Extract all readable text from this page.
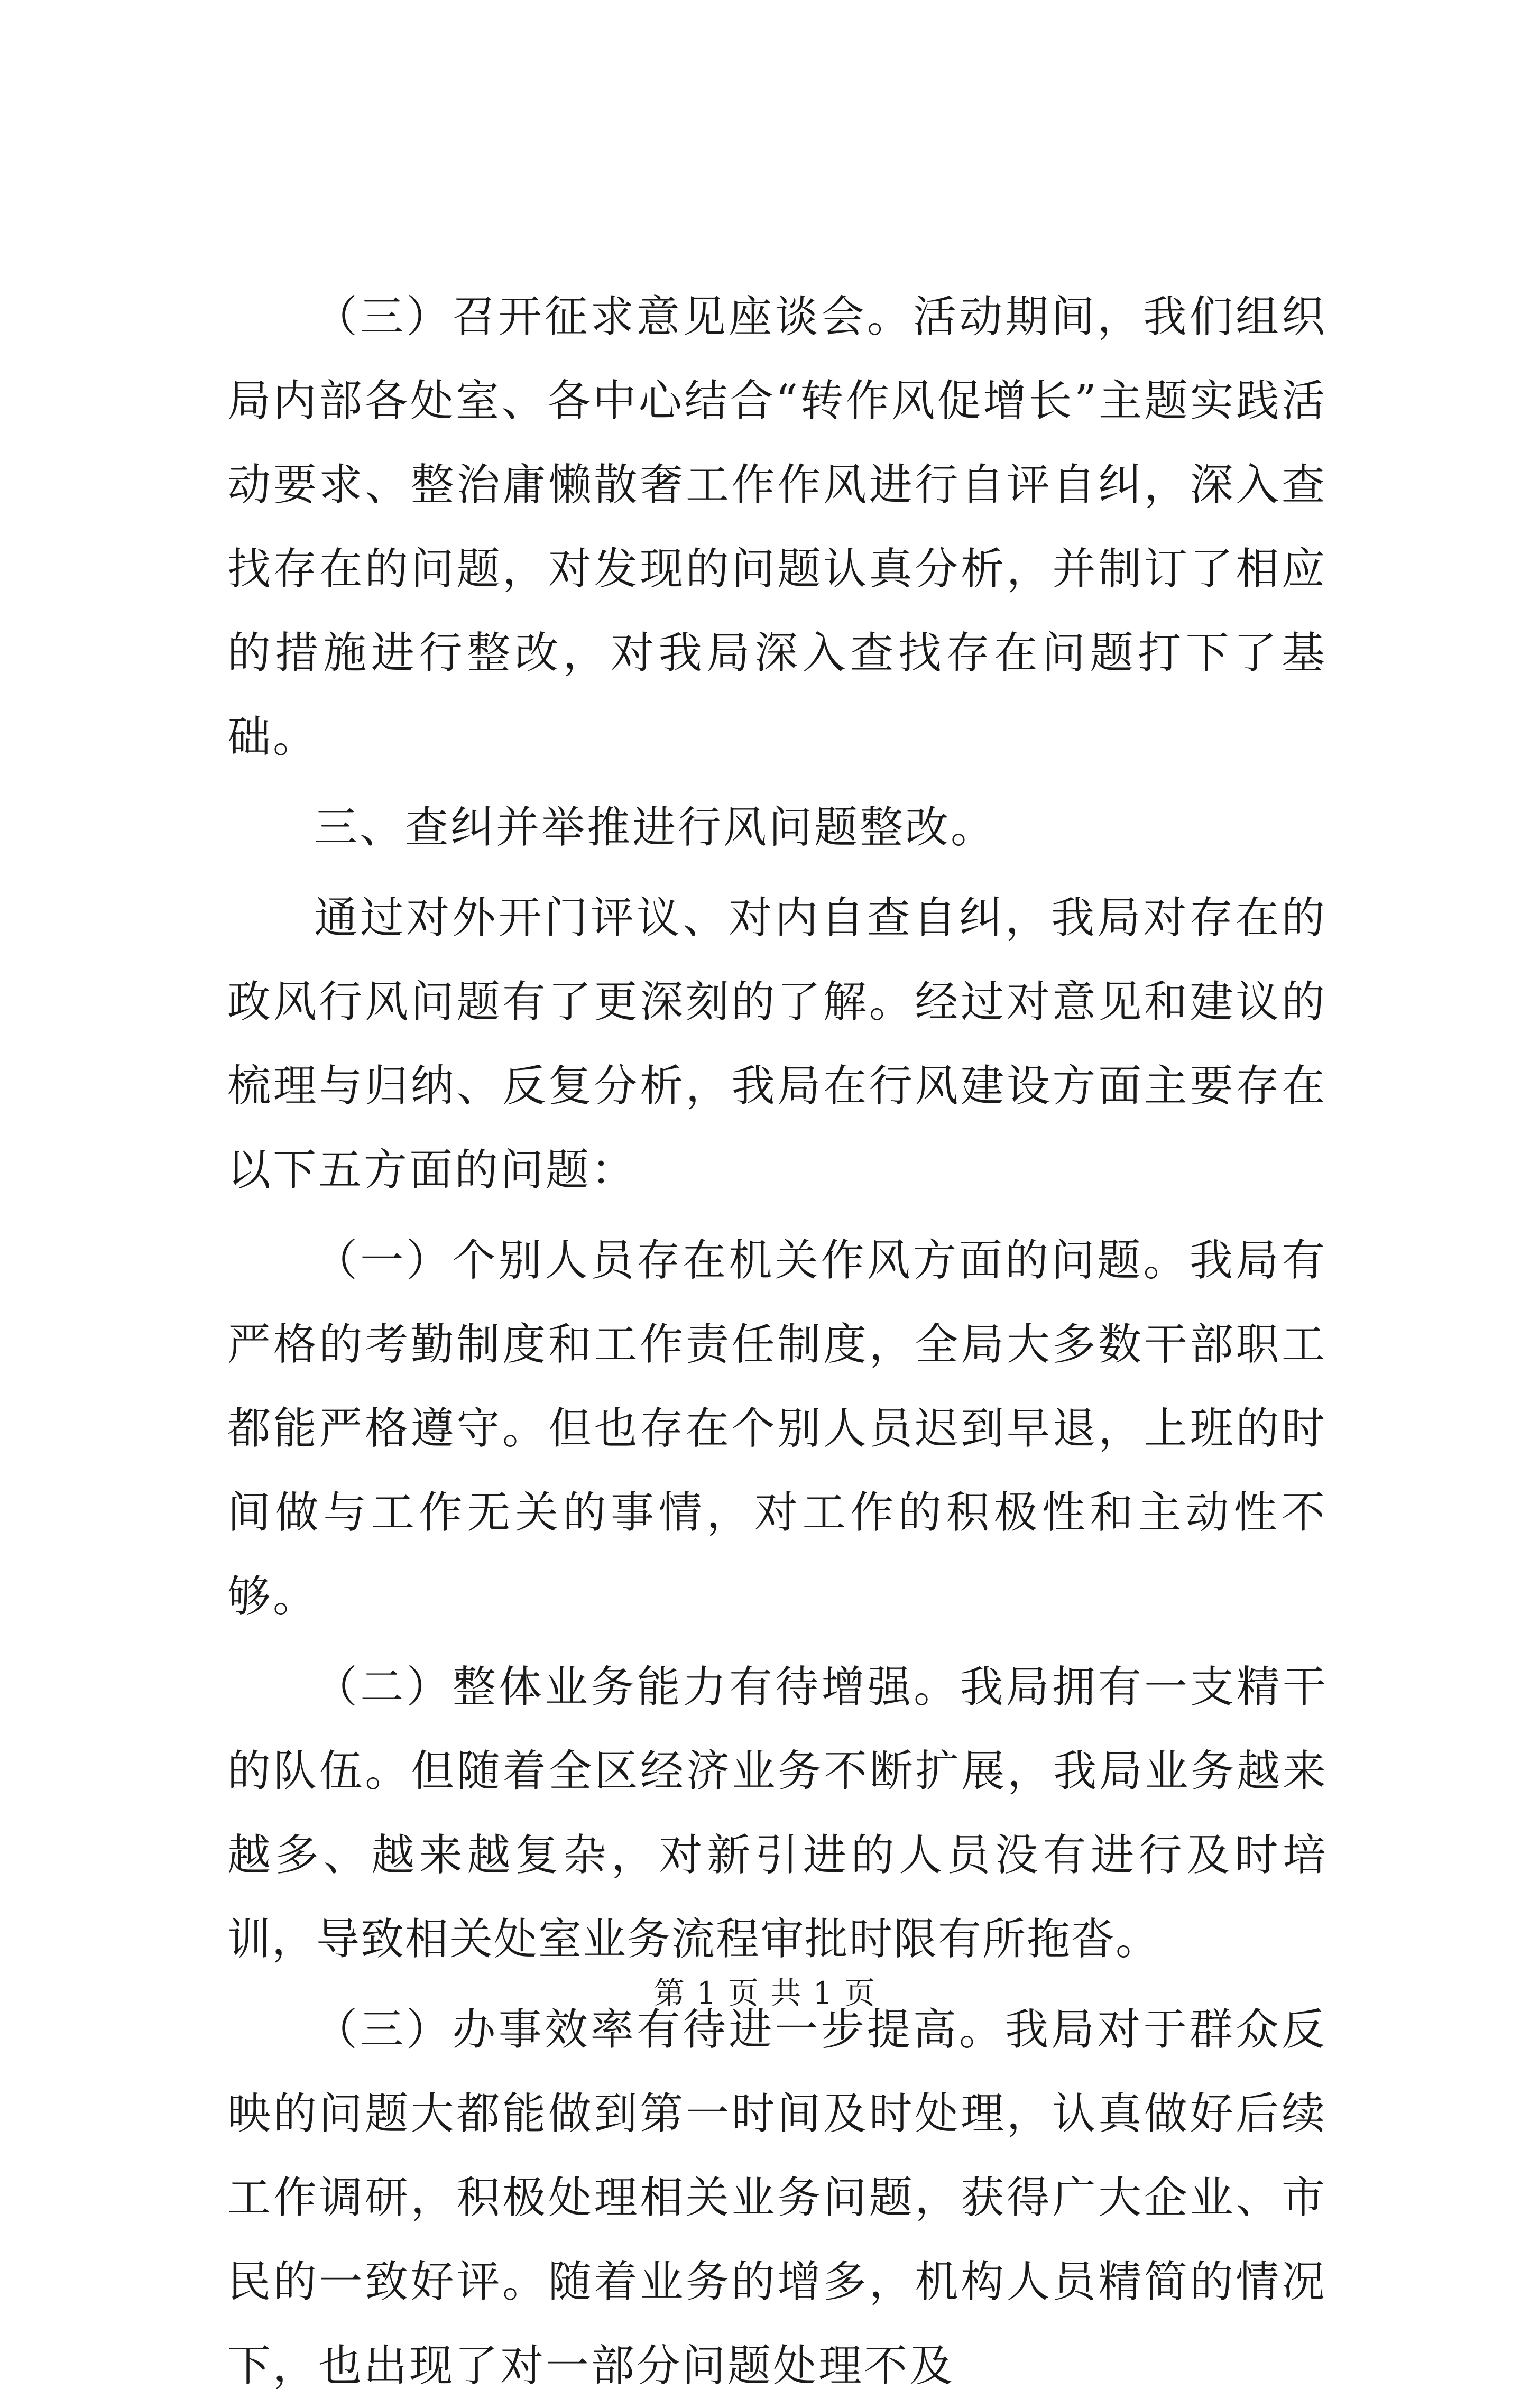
（三）召开征求意见座谈会。活动期间，我们组织局内部各处室、各中心结合“转作风促增长”主题实践活动要求、整治庸懒散奢工作作风进行自评自纠，深入查找存在的问题，对发现的问题认真分析，并制订了相应的措施进行整改，对我局深入查找存在问题打下了基础。

三、查纠并举推进行风问题整改。

通过对外开门评议、对内自查自纠，我局对存在的政风行风问题有了更深刻的了解。经过对意见和建议的梳理与归纳、反复分析，我局在行风建设方面主要存在以下五方面的问题：

（一）个别人员存在机关作风方面的问题。我局有严格的考勤制度和工作责任制度，全局大多数干部职工都能严格遵守。但也存在个别人员迟到早退，上班的时间做与工作无关的事情，对工作的积极性和主动性不够。

（二）整体业务能力有待增强。我局拥有一支精干的队伍。但随着全区经济业务不断扩展，我局业务越来越多、越来越复杂，对新引进的人员没有进行及时培训，导致相关处室业务流程审批时限有所拖沓。

（三）办事效率有待进一步提高。我局对于群众反映的问题大都能做到第一时间及时处理，认真做好后续工作调研，积极处理相关业务问题，获得广大企业、市民的一致好评。随着业务的增多，机构人员精简的情况下，也出现了对一部分问题处理不及

第 1 页 共 1 页
